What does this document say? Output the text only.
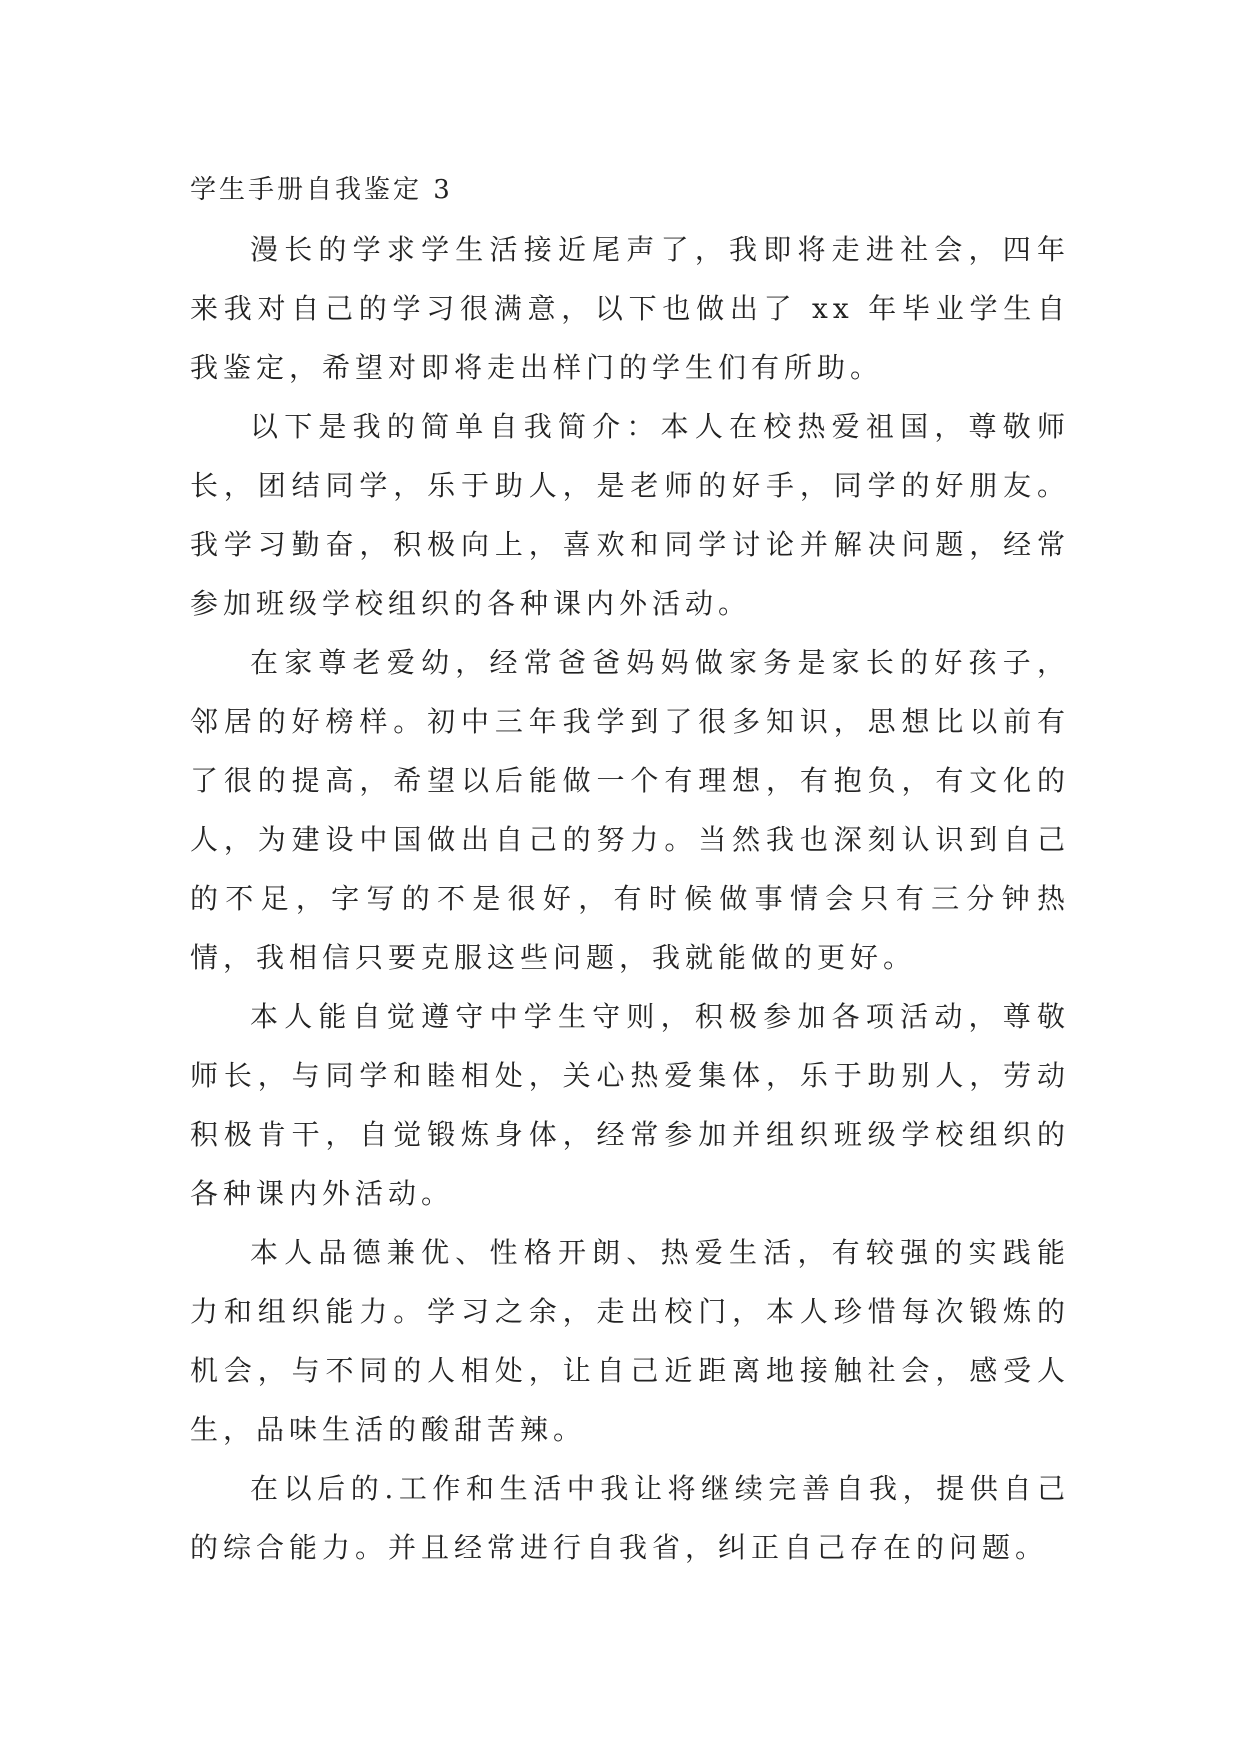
学生手册自我鉴定 3

漫长的学求学生活接近尾声了，我即将走进社会，四年来我对自己的学习很满意，以下也做出了 xx 年毕业学生自我鉴定，希望对即将走出样门的学生们有所助。

以下是我的简单自我简介：本人在校热爱祖国，尊敬师长，团结同学，乐于助人，是老师的好手，同学的好朋友。我学习勤奋，积极向上，喜欢和同学讨论并解决问题，经常参加班级学校组织的各种课内外活动。

在家尊老爱幼，经常爸爸妈妈做家务是家长的好孩子，邻居的好榜样。初中三年我学到了很多知识，思想比以前有了很的提高，希望以后能做一个有理想，有抱负，有文化的人，为建设中国做出自己的努力。当然我也深刻认识到自己的不足，字写的不是很好，有时候做事情会只有三分钟热情，我相信只要克服这些问题，我就能做的更好。

本人能自觉遵守中学生守则，积极参加各项活动，尊敬师长，与同学和睦相处，关心热爱集体，乐于助别人，劳动积极肯干，自觉锻炼身体，经常参加并组织班级学校组织的各种课内外活动。

本人品德兼优、性格开朗、热爱生活，有较强的实践能力和组织能力。学习之余，走出校门，本人珍惜每次锻炼的机会，与不同的人相处，让自己近距离地接触社会，感受人生，品味生活的酸甜苦辣。

在以后的.工作和生活中我让将继续完善自我，提供自己的综合能力。并且经常进行自我省，纠正自己存在的问题。
